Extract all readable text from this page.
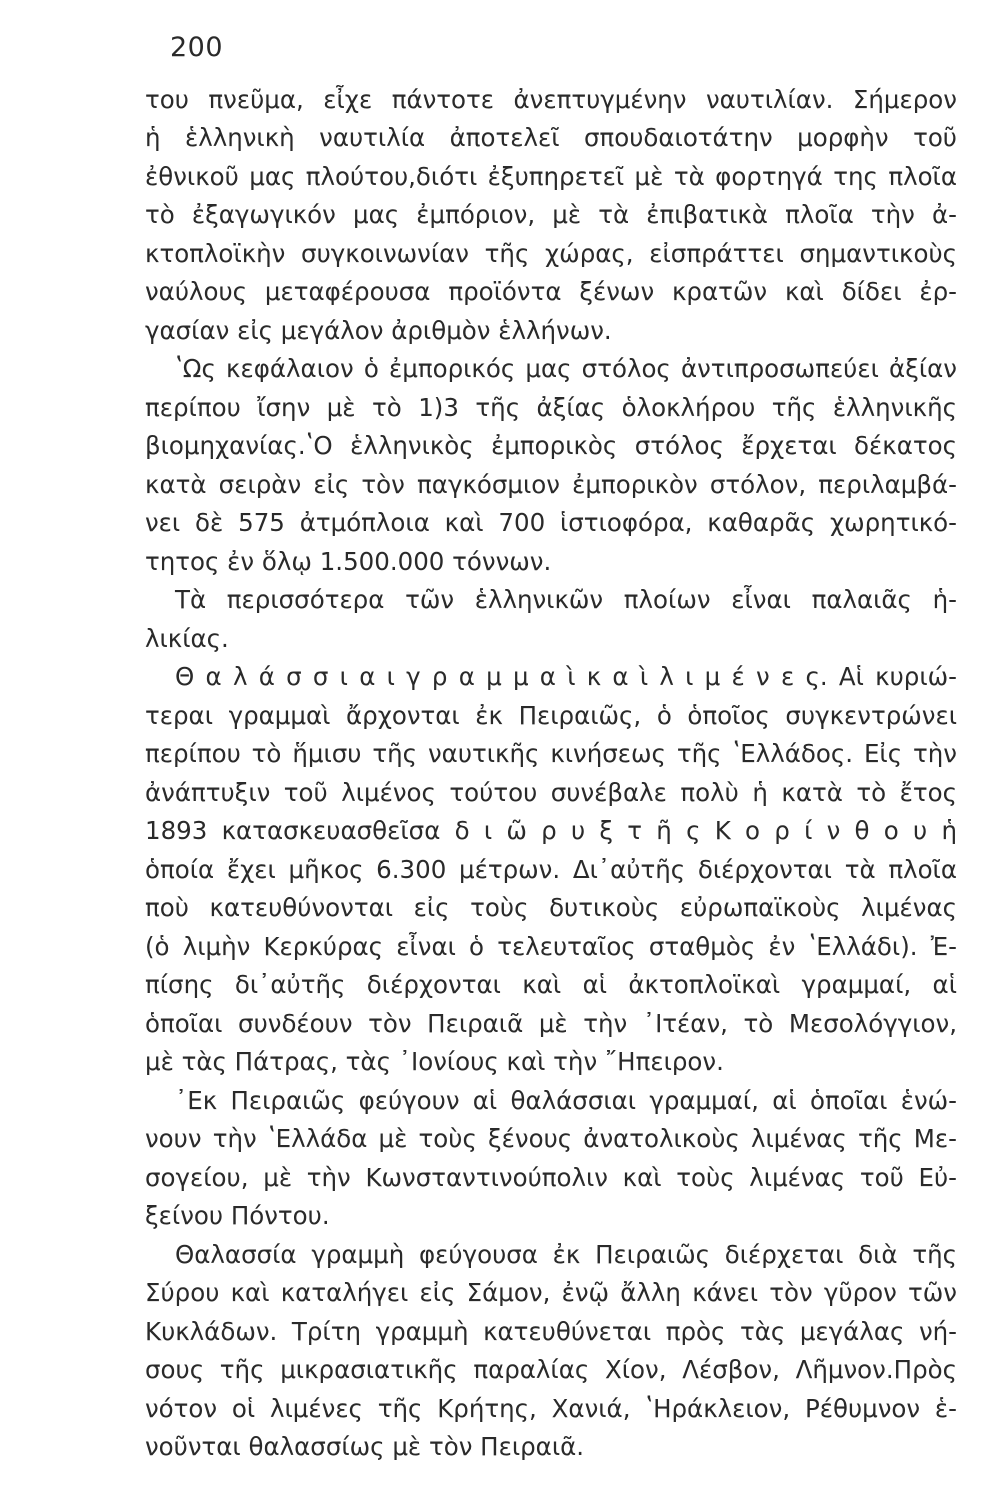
200
του πνεῦμα, εἶχε πάντοτε ἀνεπτυγμένην ναυτιλίαν. Σήμερον
ἡ ἑλληνικὴ ναυτιλία ἀποτελεῖ σπουδαιοτάτην μορφὴν τοῦ
ἐθνικοῦ μας πλούτου,διότι ἐξυπηρετεῖ μὲ τὰ φορτηγά της πλοῖα
τὸ ἐξαγωγικόν μας ἐμπόριον, μὲ τὰ ἐπιβατικὰ πλοῖα τὴν ἀ-
κτοπλοϊκὴν συγκοινωνίαν τῆς χώρας, εἰσπράττει σημαντικοὺς
ναύλους μεταφέρουσα προϊόντα ξένων κρατῶν καὶ δίδει ἐρ-
γασίαν εἰς μεγάλον ἀριθμὸν ἑλλήνων.
ʽΩς κεφάλαιον ὁ ἐμπορικός μας στόλος ἀντιπροσωπεύει ἀξίαν
περίπου ἴσην μὲ τὸ 1)3 τῆς ἀξίας ὁλοκλήρου τῆς ἑλληνικῆς
βιομηχανίας.ʽΟ ἑλληνικὸς ἐμπορικὸς στόλος ἔρχεται δέκατος
κατὰ σειρὰν εἰς τὸν παγκόσμιον ἐμπορικὸν στόλον, περιλαμβά-
νει δὲ 575 ἀτμόπλοια καὶ 700 ἱστιοφόρα, καθαρᾶς χωρητικό-
τητος ἐν ὅλῳ 1.500.000 τόννων.
Τὰ περισσότερα τῶν ἑλληνικῶν πλοίων εἶναι παλαιᾶς ἡ-
λικίας.
Θ α λ ά σ σ ι α ι γ ρ α μ μ α ὶ κ α ὶ λ ι μ έ ν ε ς. Αἱ κυριώ-
τεραι γραμμαὶ ἄρχονται ἐκ Πειραιῶς, ὁ ὁποῖος συγκεντρώνει
περίπου τὸ ἥμισυ τῆς ναυτικῆς κινήσεως τῆς ʽΕλλάδος. Εἰς τὴν
ἀνάπτυξιν τοῦ λιμένος τούτου συνέβαλε πολὺ ἡ κατὰ τὸ ἔτος
1893 κατασκευασθεῖσα δ ι ῶ ρ υ ξ τ ῆ ς Κ ο ρ ί ν θ ο υ ἡ
ὁποία ἔχει μῆκος 6.300 μέτρων. Δι᾽αὐτῆς διέρχονται τὰ πλοῖα
ποὺ κατευθύνονται εἰς τοὺς δυτικοὺς εὐρωπαϊκοὺς λιμένας
(ὁ λιμὴν Κερκύρας εἶναι ὁ τελευταῖος σταθμὸς ἐν ʽΕλλάδι). Ἐ-
πίσης δι᾽αὐτῆς διέρχονται καὶ αἱ ἀκτοπλοϊκαὶ γραμμαί, αἱ
ὁποῖαι συνδέουν τὸν Πειραιᾶ μὲ τὴν ᾽Ιτέαν, τὸ Μεσολόγγιον,
μὲ τὰς Πάτρας, τὰς ᾽Ιονίους καὶ τὴν ῎Ηπειρον.
᾽Εκ Πειραιῶς φεύγουν αἱ θαλάσσιαι γραμμαί, αἱ ὁποῖαι ἑνώ-
νουν τὴν ʽΕλλάδα μὲ τοὺς ξένους ἀνατολικοὺς λιμένας τῆς Με-
σογείου, μὲ τὴν Κωνσταντινούπολιν καὶ τοὺς λιμένας τοῦ Εὐ-
ξείνου Πόντου.
Θαλασσία γραμμὴ φεύγουσα ἐκ Πειραιῶς διέρχεται διὰ τῆς
Σύρου καὶ καταλήγει εἰς Σάμον, ἐνῷ ἄλλη κάνει τὸν γῦρον τῶν
Κυκλάδων. Τρίτη γραμμὴ κατευθύνεται πρὸς τὰς μεγάλας νή-
σους τῆς μικρασιατικῆς παραλίας Χίον, Λέσβον, Λῆμνον.Πρὸς
νότον οἱ λιμένες τῆς Κρήτης, Χανιά, ʽΗράκλειον, Ρέθυμνον ἑ-
νοῦνται θαλασσίως μὲ τὸν Πειραιᾶ.
